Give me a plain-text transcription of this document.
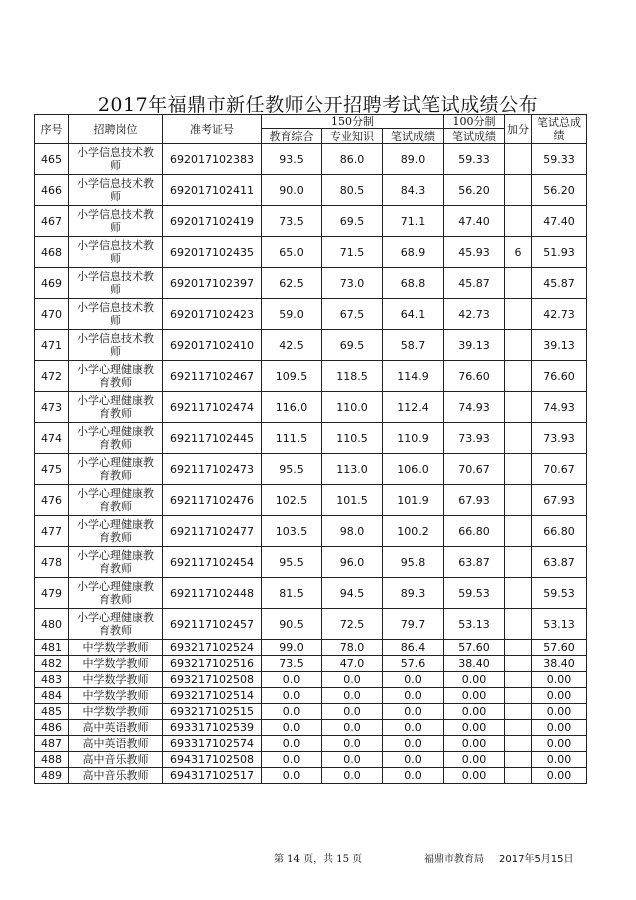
2017年福鼎市新任教师公开招聘考试笔试成绩公布
序号	招聘岗位	准考证号	150分制			100分制	加分	笔试总成绩
			教育综合	专业知识	笔试成绩	笔试成绩		
465	小学信息技术教师	692017102383	93.5	86.0	89.0	59.33		59.33
466	小学信息技术教师	692017102411	90.0	80.5	84.3	56.20		56.20
467	小学信息技术教师	692017102419	73.5	69.5	71.1	47.40		47.40
468	小学信息技术教师	692017102435	65.0	71.5	68.9	45.93	6	51.93
469	小学信息技术教师	692017102397	62.5	73.0	68.8	45.87		45.87
470	小学信息技术教师	692017102423	59.0	67.5	64.1	42.73		42.73
471	小学信息技术教师	692017102410	42.5	69.5	58.7	39.13		39.13
472	小学心理健康教育教师	692117102467	109.5	118.5	114.9	76.60		76.60
473	小学心理健康教育教师	692117102474	116.0	110.0	112.4	74.93		74.93
474	小学心理健康教育教师	692117102445	111.5	110.5	110.9	73.93		73.93
475	小学心理健康教育教师	692117102473	95.5	113.0	106.0	70.67		70.67
476	小学心理健康教育教师	692117102476	102.5	101.5	101.9	67.93		67.93
477	小学心理健康教育教师	692117102477	103.5	98.0	100.2	66.80		66.80
478	小学心理健康教育教师	692117102454	95.5	96.0	95.8	63.87		63.87
479	小学心理健康教育教师	692117102448	81.5	94.5	89.3	59.53		59.53
480	小学心理健康教育教师	692117102457	90.5	72.5	79.7	53.13		53.13
481	中学数学教师	693217102524	99.0	78.0	86.4	57.60		57.60
482	中学数学教师	693217102516	73.5	47.0	57.6	38.40		38.40
483	中学数学教师	693217102508	0.0	0.0	0.0	0.00		0.00
484	中学数学教师	693217102514	0.0	0.0	0.0	0.00		0.00
485	中学数学教师	693217102515	0.0	0.0	0.0	0.00		0.00
486	高中英语教师	693317102539	0.0	0.0	0.0	0.00		0.00
487	高中英语教师	693317102574	0.0	0.0	0.0	0.00		0.00
488	高中音乐教师	694317102508	0.0	0.0	0.0	0.00		0.00
489	高中音乐教师	694317102517	0.0	0.0	0.0	0.00		0.00
第 14 页，共 15 页	福鼎市教育局 2017年5月15日
